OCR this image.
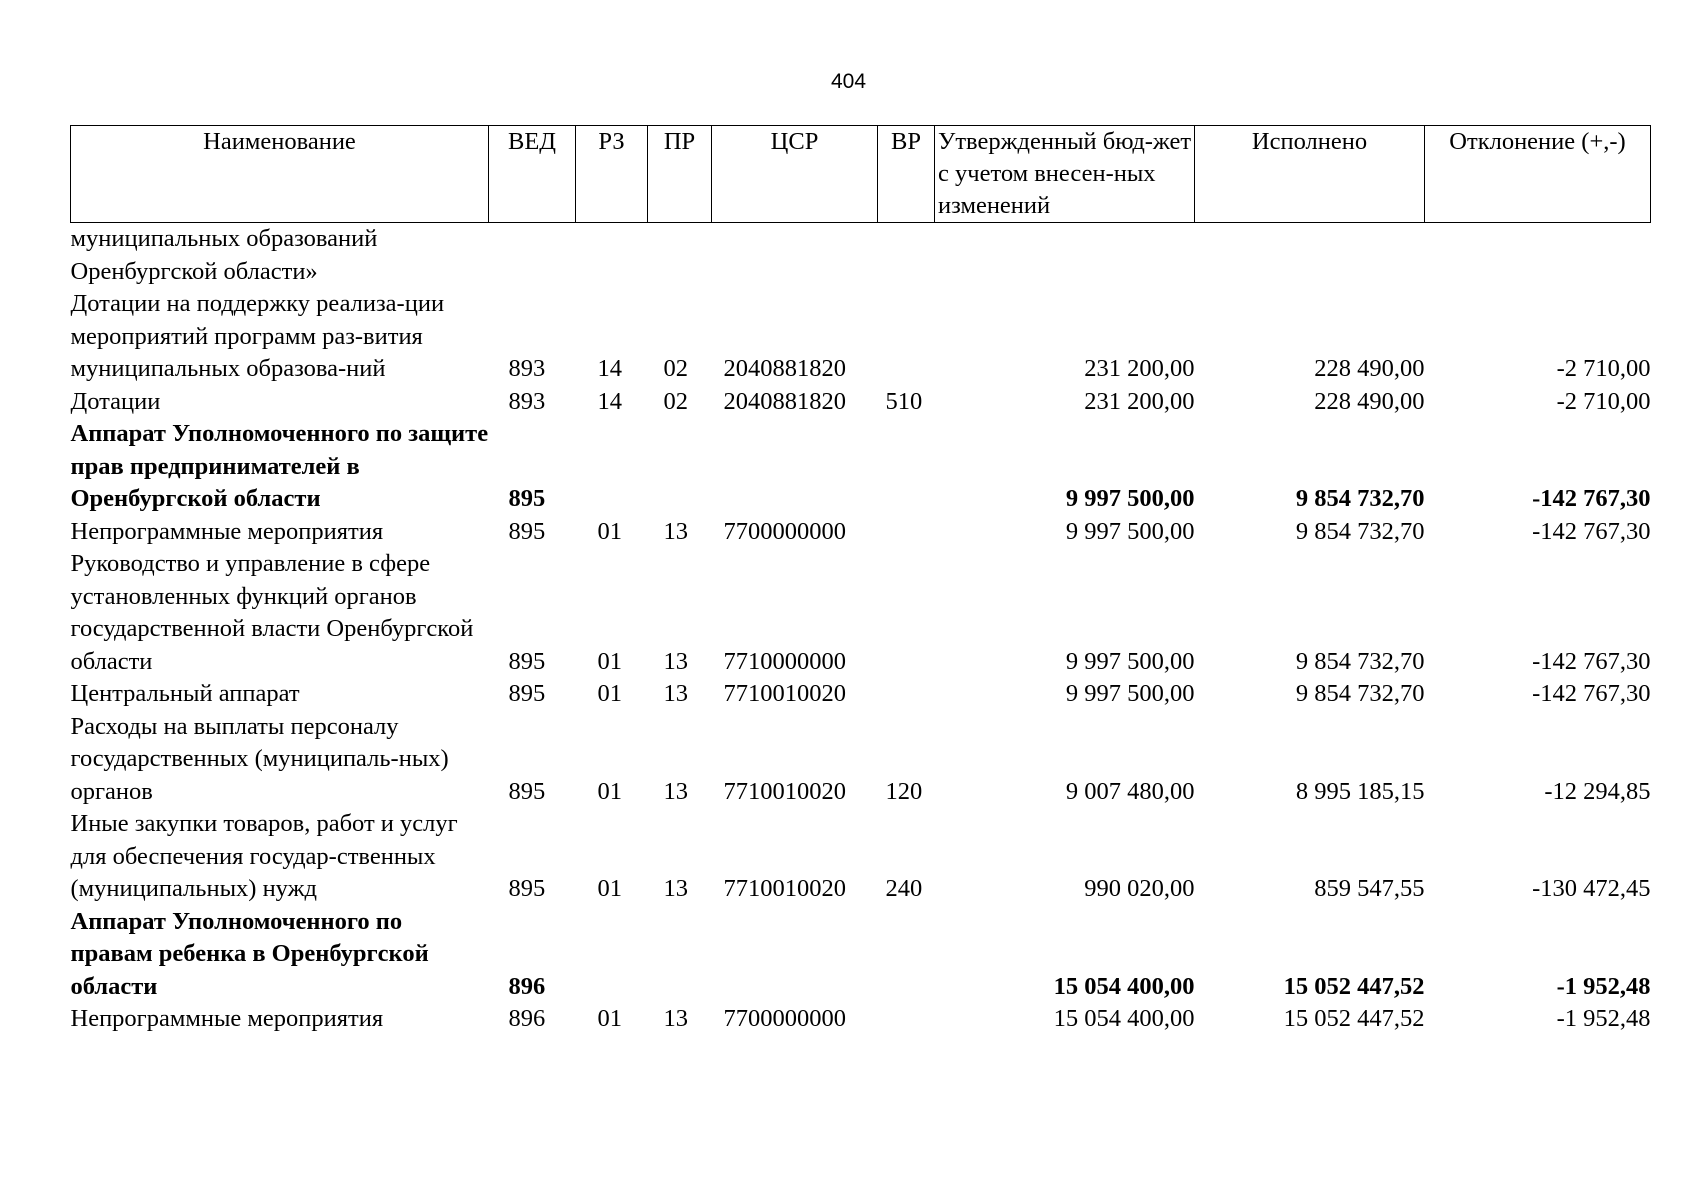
404
Наименование	ВЕД	РЗ	ПР	ЦСР	ВР	Утвержденный бюд-жет с учетом внесен-ных изменений	Исполнено	Отклонение (+,-)
муниципальных образований Оренбургской области»								
Дотации на поддержку реализа-ции мероприятий программ раз-вития муниципальных образова-ний	893	14	02	2040881820		231 200,00	228 490,00	-2 710,00
Дотации	893	14	02	2040881820	510	231 200,00	228 490,00	-2 710,00
Аппарат Уполномоченного по защите прав предпринимателей в Оренбургской области	895					9 997 500,00	9 854 732,70	-142 767,30
Непрограммные мероприятия	895	01	13	7700000000		9 997 500,00	9 854 732,70	-142 767,30
Руководство и управление в сфере установленных функций органов государственной власти Оренбургской области	895	01	13	7710000000		9 997 500,00	9 854 732,70	-142 767,30
Центральный аппарат	895	01	13	7710010020		9 997 500,00	9 854 732,70	-142 767,30
Расходы на выплаты персоналу государственных (муниципаль-ных) органов	895	01	13	7710010020	120	9 007 480,00	8 995 185,15	-12 294,85
Иные закупки товаров, работ и услуг для обеспечения государ-ственных (муниципальных) нужд	895	01	13	7710010020	240	990 020,00	859 547,55	-130 472,45
Аппарат Уполномоченного по правам ребенка в Оренбургской области	896					15 054 400,00	15 052 447,52	-1 952,48
Непрограммные мероприятия	896	01	13	7700000000		15 054 400,00	15 052 447,52	-1 952,48
